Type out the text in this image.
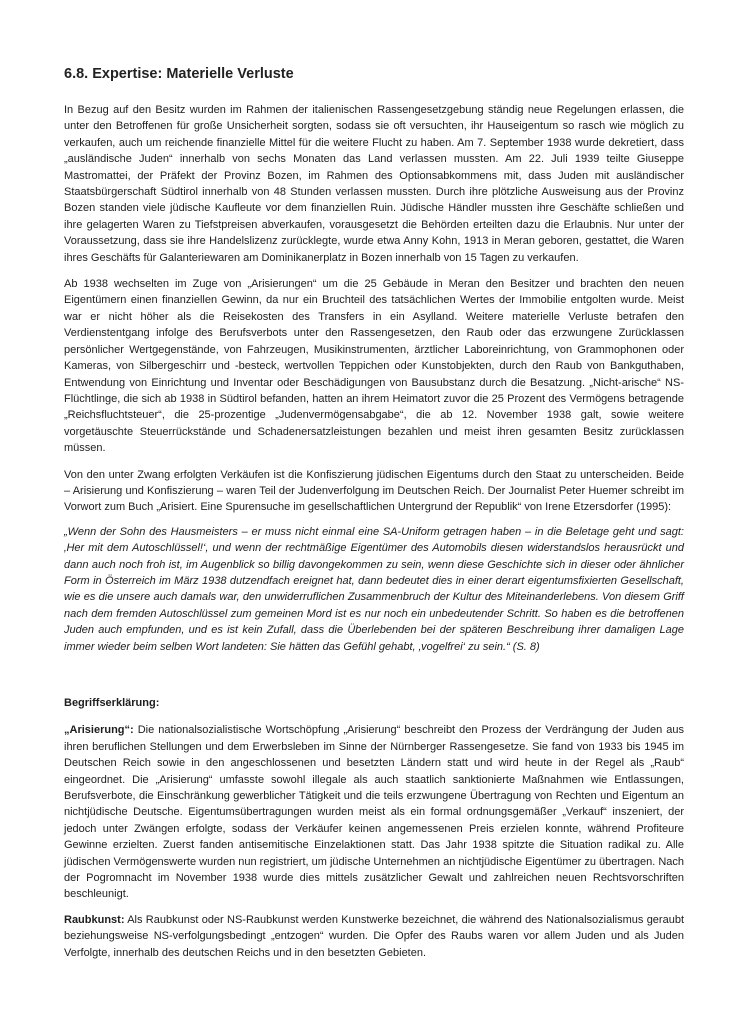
6.8. Expertise: Materielle Verluste

In Bezug auf den Besitz wurden im Rahmen der italienischen Rassengesetzgebung ständig neue Regelungen erlassen, die unter den Betroffenen für große Unsicherheit sorgten, sodass sie oft versuchten, ihr Hauseigentum so rasch wie möglich zu verkaufen, auch um reichende finanzielle Mittel für die weitere Flucht zu haben. Am 7. September 1938 wurde dekretiert, dass „ausländische Juden“ innerhalb von sechs Monaten das Land verlassen mussten. Am 22. Juli 1939 teilte Giuseppe Mastromattei, der Präfekt der Provinz Bozen, im Rahmen des Optionsabkommens mit, dass Juden mit ausländischer Staatsbürgerschaft Südtirol innerhalb von 48 Stunden verlassen mussten. Durch ihre plötzliche Ausweisung aus der Provinz Bozen standen viele jüdische Kaufleute vor dem finanziellen Ruin. Jüdische Händler mussten ihre Geschäfte schließen und ihre gelagerten Waren zu Tiefstpreisen abverkaufen, vorausgesetzt die Behörden erteilten dazu die Erlaubnis. Nur unter der Voraussetzung, dass sie ihre Handelslizenz zurücklegte, wurde etwa Anny Kohn, 1913 in Meran geboren, gestattet, die Waren ihres Geschäfts für Galanteriewaren am Dominikanerplatz in Bozen innerhalb von 15 Tagen zu verkaufen.

Ab 1938 wechselten im Zuge von „Arisierungen“ um die 25 Gebäude in Meran den Besitzer und brachten den neuen Eigentümern einen finanziellen Gewinn, da nur ein Bruchteil des tatsächlichen Wertes der Immobilie entgolten wurde. Meist war er nicht höher als die Reisekosten des Transfers in ein Asylland. Weitere materielle Verluste betrafen den Verdienstentgang infolge des Berufsverbots unter den Rassengesetzen, den Raub oder das erzwungene Zurücklassen persönlicher Wertgegenstände, von Fahrzeugen, Musikinstrumenten, ärztlicher Laboreinrichtung, von Grammophonen oder Kameras, von Silbergeschirr und -besteck, wertvollen Teppichen oder Kunstobjekten, durch den Raub von Bankguthaben, Entwendung von Einrichtung und Inventar oder Beschädigungen von Bausubstanz durch die Besatzung. „Nicht-arische“ NS-Flüchtlinge, die sich ab 1938 in Südtirol befanden, hatten an ihrem Heimatort zuvor die 25 Prozent des Vermögens betragende „Reichsfluchtsteuer“, die 25-prozentige „Judenvermögensabgabe“, die ab 12. November 1938 galt, sowie weitere vorgetäuschte Steuerrückstände und Schadenersatzleistungen bezahlen und meist ihren gesamten Besitz zurücklassen müssen.

Von den unter Zwang erfolgten Verkäufen ist die Konfiszierung jüdischen Eigentums durch den Staat zu unterscheiden. Beide – Arisierung und Konfiszierung – waren Teil der Judenverfolgung im Deutschen Reich. Der Journalist Peter Huemer schreibt im Vorwort zum Buch „Arisiert. Eine Spurensuche im gesellschaftlichen Untergrund der Republik“ von Irene Etzersdorfer (1995):

„Wenn der Sohn des Hausmeisters – er muss nicht einmal eine SA-Uniform getragen haben – in die Beletage geht und sagt: ‚Her mit dem Autoschlüssel!‘, und wenn der rechtmäßige Eigentümer des Automobils diesen widerstandslos herausrückt und dann auch noch froh ist, im Augenblick so billig davongekommen zu sein, wenn diese Geschichte sich in dieser oder ähnlicher Form in Österreich im März 1938 dutzendfach ereignet hat, dann bedeutet dies in einer derart eigentumsfixierten Gesellschaft, wie es die unsere auch damals war, den unwiderruflichen Zusammenbruch der Kultur des Miteinanderlebens. Von diesem Griff nach dem fremden Autoschlüssel zum gemeinen Mord ist es nur noch ein unbedeutender Schritt. So haben es die betroffenen Juden auch empfunden, und es ist kein Zufall, dass die Überlebenden bei der späteren Beschreibung ihrer damaligen Lage immer wieder beim selben Wort landeten: Sie hätten das Gefühl gehabt, ‚vogelfrei‘ zu sein.“ (S. 8)

Begriffserklärung:

„Arisierung“: Die nationalsozialistische Wortschöpfung „Arisierung“ beschreibt den Prozess der Verdrängung der Juden aus ihren beruflichen Stellungen und dem Erwerbsleben im Sinne der Nürnberger Rassengesetze. Sie fand von 1933 bis 1945 im Deutschen Reich sowie in den angeschlossenen und besetzten Ländern statt und wird heute in der Regel als „Raub“ eingeordnet. Die „Arisierung“ umfasste sowohl illegale als auch staatlich sanktionierte Maßnahmen wie Entlassungen, Berufsverbote, die Einschränkung gewerblicher Tätigkeit und die teils erzwungene Übertragung von Rechten und Eigentum an nichtjüdische Deutsche. Eigentumsübertragungen wurden meist als ein formal ordnungsgemäßer „Verkauf“ inszeniert, der jedoch unter Zwängen erfolgte, sodass der Verkäufer keinen angemessenen Preis erzielen konnte, während Profiteure Gewinne erzielten. Zuerst fanden antisemitische Einzelaktionen statt. Das Jahr 1938 spitzte die Situation radikal zu. Alle jüdischen Vermögenswerte wurden nun registriert, um jüdische Unternehmen an nichtjüdische Eigentümer zu übertragen. Nach der Pogromnacht im November 1938 wurde dies mittels zusätzlicher Gewalt und zahlreichen neuen Rechtsvorschriften beschleunigt.

Raubkunst: Als Raubkunst oder NS-Raubkunst werden Kunstwerke bezeichnet, die während des Nationalsozialismus geraubt beziehungsweise NS-verfolgungsbedingt „entzogen“ wurden. Die Opfer des Raubs waren vor allem Juden und als Juden Verfolgte, innerhalb des deutschen Reichs und in den besetzten Gebieten.
